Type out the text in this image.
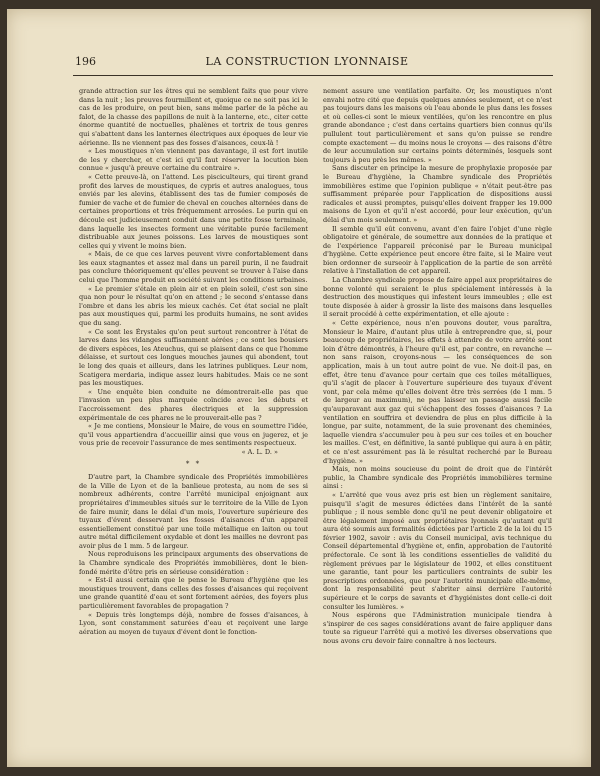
196	LA CONSTRUCTION LYONNAISE

grande attraction sur les êtres qui ne semblent faits que pour vivre dans la nuit ; les preuves fourmillent et, quoique ce ne soit pas ici le cas de les produire, on peut bien, sans même parler de la pêche au falot, de la chasse des papillons de nuit à la lanterne, etc., citer cette énorme quantité de noctuelles, phalènes et tortrix de tous genres qui s'abattent dans les lanternes électriques aux époques de leur vie aérienne. Ils ne viennent pas des fosses d'aisances, ceux-là !

« Les moustiques n'en viennent pas davantage, il est fort inutile de les y chercher, et c'est ici qu'il faut réserver la locution bien connue « jusqu'à preuve certaine du contraire ».

« Cette preuve-là, on l'attend. Les pisciculteurs, qui tirent grand profit des larves de moustiques, de cypris et autres analogues, tous enviés par les alevins, établissent des tas de fumier composés de fumier de vache et de fumier de cheval en couches alternées dans de certaines proportions et très fréquemment arrosées. Le purin qui en découle est judicieusement conduit dans une petite fosse terminale, dans laquelle les insectes forment une véritable purée facilement distribuable aux jeunes poissons. Les larves de moustiques sont celles qui y vivent le moins bien.

« Mais, de ce que ces larves peuvent vivre confortablement dans les eaux stagnantes et assez mal dans un pareil purin, il ne faudrait pas conclure théoriquement qu'elles peuvent se trouver à l'aise dans celui que l'homme produit en société suivant les conditions urbaines.

« Le premier s'étale en plein air et en plein soleil, c'est son sine qua non pour le résultat qu'on en attend ; le second s'entasse dans l'ombre et dans les abris les mieux cachés. Cet état social ne plaît pas aux moustiques qui, parmi les produits humains, ne sont avides que du sang.

« Ce sont les Érystales qu'on peut surtout rencontrer à l'état de larves dans les vidanges suffisamment aérées ; ce sont les bousiers de divers espèces, les Ateuchus, qui se plaisent dans ce que l'homme délaisse, et surtout ces longues mouches jaunes qui abondent, tout le long des quais et ailleurs, dans les latrines publiques. Leur nom, Scatigera merdaria, indique assez leurs habitudes. Mais ce ne sont pas les moustiques.

« Une enquête bien conduite ne démontrerait-elle pas que l'invasion un peu plus marquée coïncide avec les débuts et l'accroissement des phares électriques et la suppression expérimentale de ces phares ne le prouverait-elle pas ?

« Je me contiens, Monsieur le Maire, de vous en soumettre l'idée, qu'il vous appartiendra d'accueillir ainsi que vous en jugerez, et je vous prie de recevoir l'assurance de mes sentiments respectueux.

« A. L. D. »

* *

D'autre part, la Chambre syndicale des Propriétés immobilières de la Ville de Lyon et de la banlieue protesta, au nom de ses si nombreux adhérents, contre l'arrêté municipal enjoignant aux propriétaires d'immeubles situés sur le territoire de la Ville de Lyon de faire munir, dans le délai d'un mois, l'ouverture supérieure des tuyaux d'évent desservant les fosses d'aisances d'un appareil essentiellement constitué par une toile métallique en laiton ou tout autre métal difficilement oxydable et dont les mailles ne devront pas avoir plus de 1 mm. 5 de largeur.

Nous reproduisons les principaux arguments des observations de la Chambre syndicale des Propriétés immobilières, dont le bien-fondé mérite d'être pris en sérieuse considération :

« Est-il aussi certain que le pense le Bureau d'hygiène que les moustiques trouvent, dans celles des fosses d'aisances qui reçoivent une grande quantité d'eau et sont fortement aérées, des foyers plus particulièrement favorables de propagation ?

« Depuis très longtemps déjà, nombre de fosses d'aisances, à Lyon, sont constamment saturées d'eau et reçoivent une large aération au moyen de tuyaux d'évent dont le fonction-

nement assure une ventilation parfaite. Or, les moustiques n'ont envahi notre cité que depuis quelques années seulement, et ce n'est pas toujours dans les maisons où l'eau abonde le plus dans les fosses et où celles-ci sont le mieux ventilées, qu'on les rencontre en plus grande abondance ; c'est dans certains quartiers bien connus qu'ils pullulent tout particulièrement et sans qu'on puisse se rendre compte exactement — du moins nous le croyons — des raisons d'être de leur accumulation sur certains points déterminés, lesquels sont toujours à peu près les mêmes. »

Sans discuter en principe la mesure de prophylaxie proposée par le Bureau d'hygiène, la Chambre syndicale des Propriétés immobilières estime que l'opinion publique « n'était peut-être pas suffisamment préparée pour l'application de dispositions aussi radicales et aussi promptes, puisqu'elles doivent frapper les 19.000 maisons de Lyon et qu'il n'est accordé, pour leur exécution, qu'un délai d'un mois seulement. »

Il semble qu'il eût convenu, avant d'en faire l'objet d'une règle obligatoire et générale, de soumettre aux données de la pratique et de l'expérience l'appareil préconisé par le Bureau municipal d'hygiène. Cette expérience peut encore être faite, si le Maire veut bien ordonner de surseoir à l'application de la partie de son arrêté relative à l'installation de cet appareil.

La Chambre syndicale propose de faire appel aux propriétaires de bonne volonté qui seraient le plus spécialement intéressés à la destruction des moustiques qui infestent leurs immeubles ; elle est toute disposée à aider à grossir la liste des maisons dans lesquelles il serait procédé à cette expérimentation, et elle ajoute :

« Cette expérience, nous n'en pouvons douter, vous paraîtra, Monsieur le Maire, d'autant plus utile à entreprendre que, si, pour beaucoup de propriétaires, les effets à attendre de votre arrêté sont loin d'être démontrés, à l'heure qu'il est, par contre, en revanche — non sans raison, croyons-nous — les conséquences de son application, mais à un tout autre point de vue. Ne doit-il pas, en effet, être tenu d'avance pour certain que ces toiles métalliques, qu'il s'agit de placer à l'ouverture supérieure des tuyaux d'évent vont, par cela même qu'elles doivent être très serrées (de 1 mm. 5 de largeur au maximum), ne pas laisser un passage aussi facile qu'auparavant aux gaz qui s'échappent des fosses d'aisances ? La ventilation en souffrira et deviendra de plus en plus difficile à la longue, par suite, notamment, de la suie provenant des cheminées, laquelle viendra s'accumuler peu à peu sur ces toiles et en boucher les mailles. C'est, en définitive, la santé publique qui aura à en pâtir, et ce n'est assurément pas là le résultat recherché par le Bureau d'hygiène. »

Mais, non moins soucieuse du point de droit que de l'intérêt public, la Chambre syndicale des Propriétés immobilières termine ainsi :

« L'arrêté que vous avez pris est bien un règlement sanitaire, puisqu'il s'agit de mesures édictées dans l'intérêt de la santé publique ; il nous semble donc qu'il ne peut devenir obligatoire et être légalement imposé aux propriétaires lyonnais qu'autant qu'il aura été soumis aux formalités édictées par l'article 2 de la loi du 15 février 1902, savoir : avis du Conseil municipal, avis technique du Conseil départemental d'hygiène et, enfin, approbation de l'autorité préfectorale. Ce sont là les conditions essentielles de validité du règlement prévues par le législateur de 1902, et elles constituent une garantie, tant pour les particuliers contraints de subir les prescriptions ordonnées, que pour l'autorité municipale elle-même, dont la responsabilité peut s'abriter ainsi derrière l'autorité supérieure et le corps de savants et d'hygiénistes dont celle-ci doit consulter les lumières. »

Nous espérons que l'Administration municipale tiendra à s'inspirer de ces sages considérations avant de faire appliquer dans toute sa rigueur l'arrêté qui a motivé les diverses observations que nous avons cru devoir faire connaître à nos lecteurs.
